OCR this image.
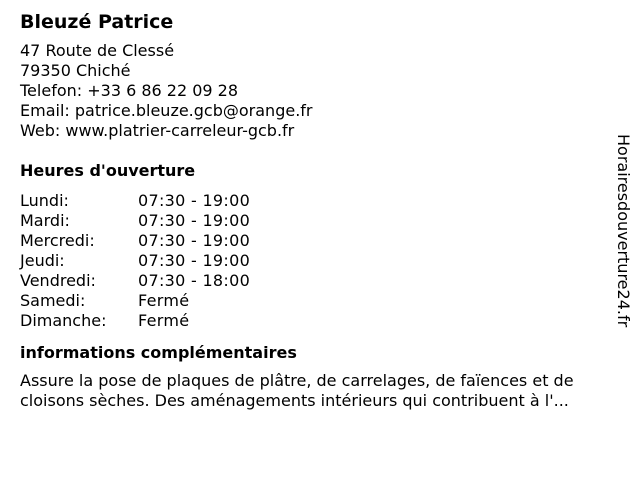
Bleuzé Patrice
47 Route de Clessé
79350 Chiché
Telefon: +33 6 86 22 09 28
Email: patrice.bleuze.gcb@orange.fr
Web: www.platrier-carreleur-gcb.fr
Heures d'ouverture
Lundi:	07:30 - 19:00
Mardi:	07:30 - 19:00
Mercredi:	07:30 - 19:00
Jeudi:	07:30 - 19:00
Vendredi:	07:30 - 18:00
Samedi:	Fermé
Dimanche:	Fermé
informations complémentaires
Assure la pose de plaques de plâtre, de carrelages, de faïences et de cloisons sèches. Des aménagements intérieurs qui contribuent à l'...
Horairesdouverture24.fr
